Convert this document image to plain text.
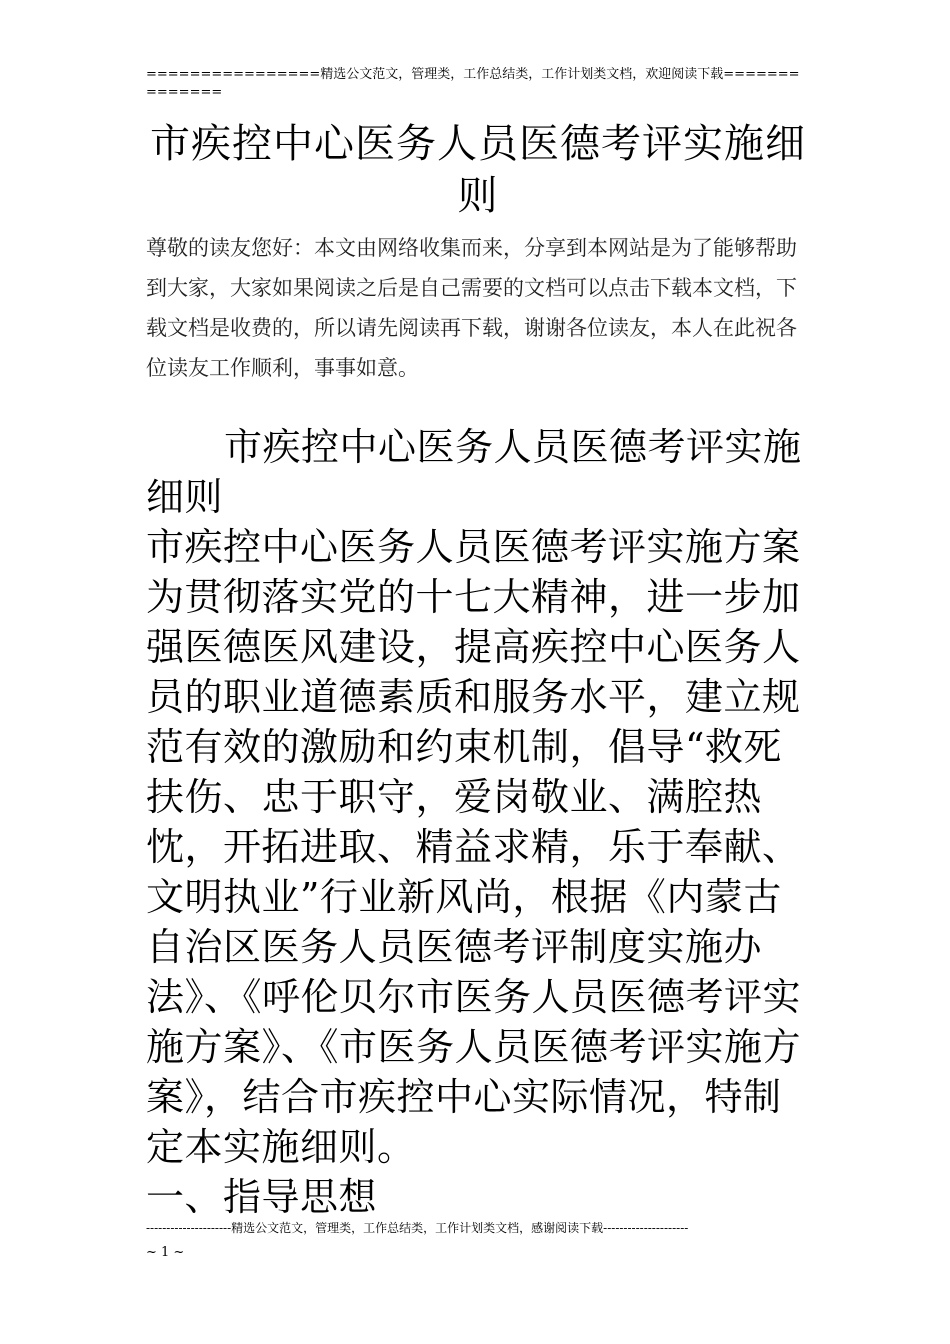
================精选公文范文，管理类，工作总结类，工作计划类文档，欢迎阅读下载==============
市疾控中心医务人员医德考评实施细则
尊敬的读友您好：本文由网络收集而来，分享到本网站是为了能够帮助到大家，大家如果阅读之后是自己需要的文档可以点击下载本文档，下载文档是收费的，所以请先阅读再下载，谢谢各位读友，本人在此祝各位读友工作顺利，事事如意。

市疾控中心医务人员医德考评实施细则

市疾控中心医务人员医德考评实施方案

为贯彻落实党的十七大精神，进一步加强医德医风建设，提高疾控中心医务人员的职业道德素质和服务水平，建立规范有效的激励和约束机制，倡导“救死扶伤、忠于职守，爱岗敬业、满腔热忱，开拓进取、精益求精，乐于奉献、文明执业”行业新风尚，根据《内蒙古自治区医务人员医德考评制度实施办法》、《呼伦贝尔市医务人员医德考评实施方案》、《市医务人员医德考评实施方案》，结合市疾控中心实际情况，特制定本实施细则。

一、指导思想

---------------------精选公文范文，管理类，工作总结类，工作计划类文档，感谢阅读下载---------------------
~ 1 ~
